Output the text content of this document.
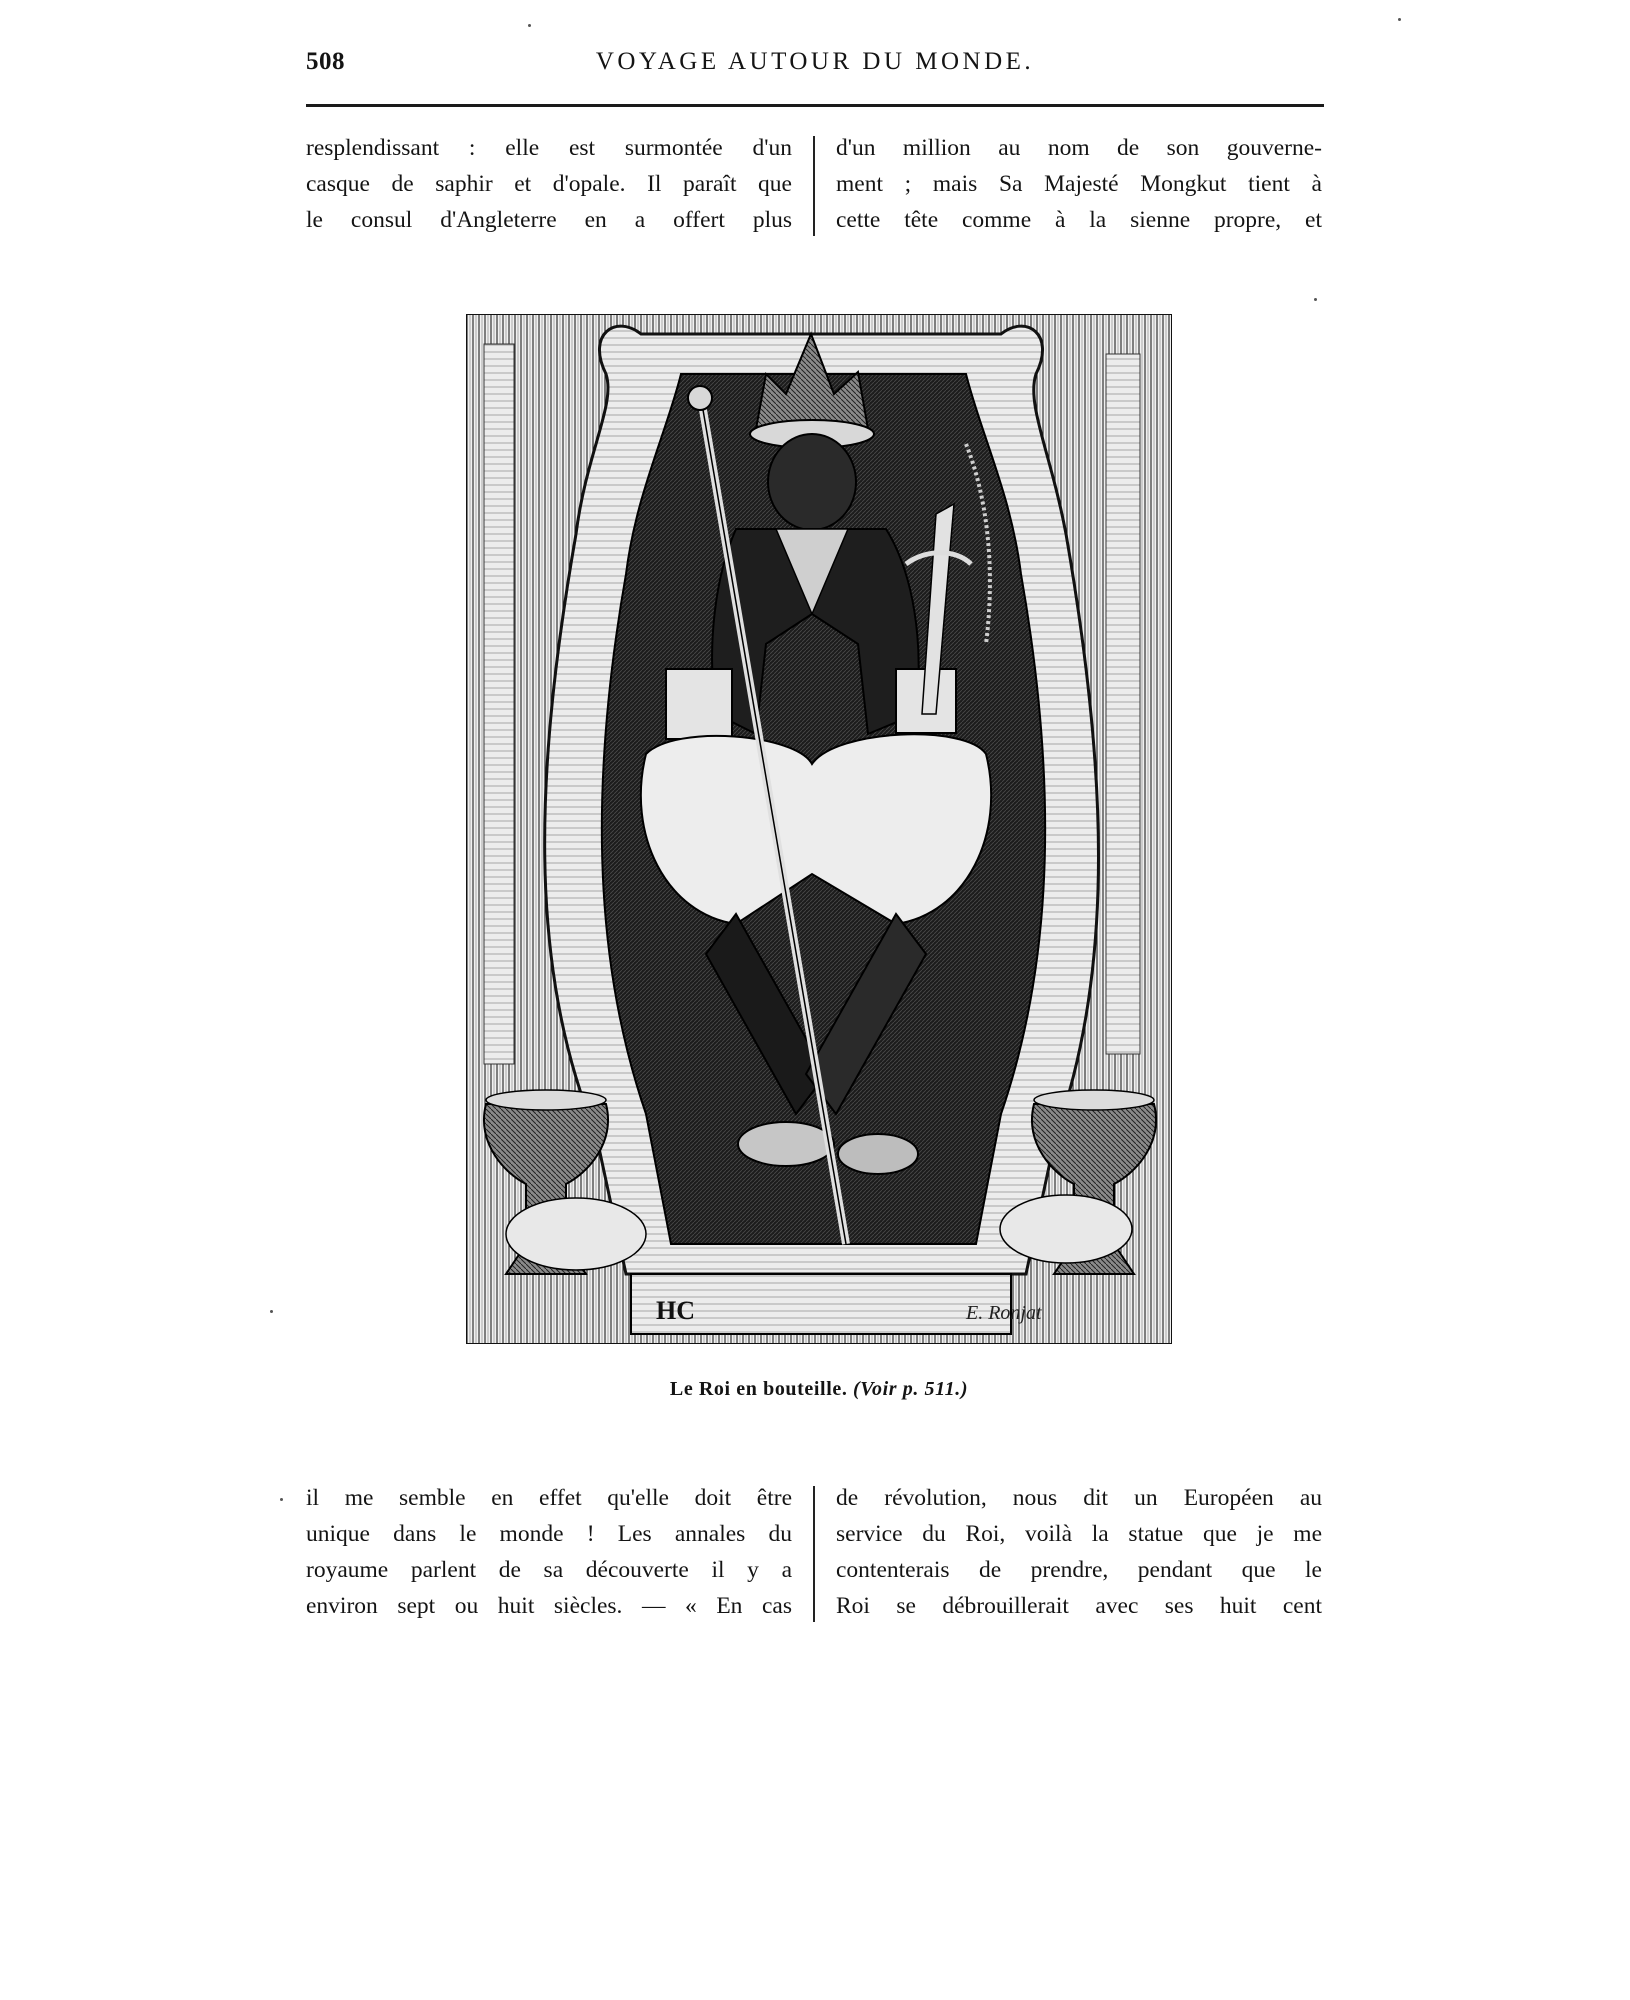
508	VOYAGE AUTOUR DU MONDE.
resplendissant : elle est surmontée d'un
casque de saphir et d'opale. Il paraît que
le consul d'Angleterre en a offert plus
d'un million au nom de son gouverne-
ment ; mais Sa Majesté Mongkut tient à
cette tête comme à la sienne propre, et
HC	E. Ronjat
Le Roi en bouteille. (Voir p. 511.)
il me semble en effet qu'elle doit être
unique dans le monde ! Les annales du
royaume parlent de sa découverte il y a
environ sept ou huit siècles. — « En cas
de révolution, nous dit un Européen au
service du Roi, voilà la statue que je me
contenterais de prendre, pendant que le
Roi se débrouillerait avec ses huit cent
